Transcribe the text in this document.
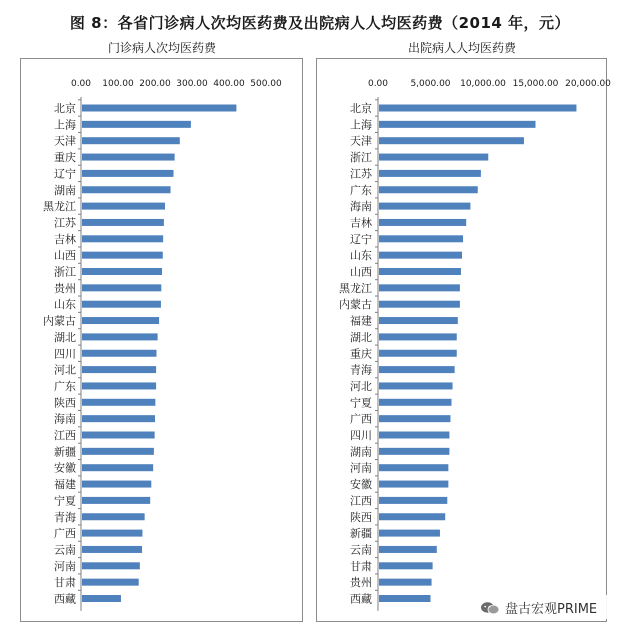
图 8：各省门诊病人次均医药费及出院病人人均医药费（2014 年，元）
门诊病人次均医药费	出院病人人均医药费
0.00 100.00 200.00 300.00 400.00 500.00
北京
上海
天津
重庆
辽宁
湖南
黑龙江
江苏
吉林
山西
浙江
贵州
山东
内蒙古
湖北
四川
河北
广东
陕西
海南
江西
新疆
安徽
福建
宁夏
青海
广西
云南
河南
甘肃
西藏
0.00 5,000.00 10,000.00 15,000.00 20,000.00
北京
上海
天津
浙江
江苏
广东
海南
吉林
辽宁
山东
山西
黑龙江
内蒙古
福建
湖北
重庆
青海
河北
宁夏
广西
四川
湖南
河南
安徽
江西
陕西
新疆
云南
甘肃
贵州
西藏
盘古宏观PRIME
